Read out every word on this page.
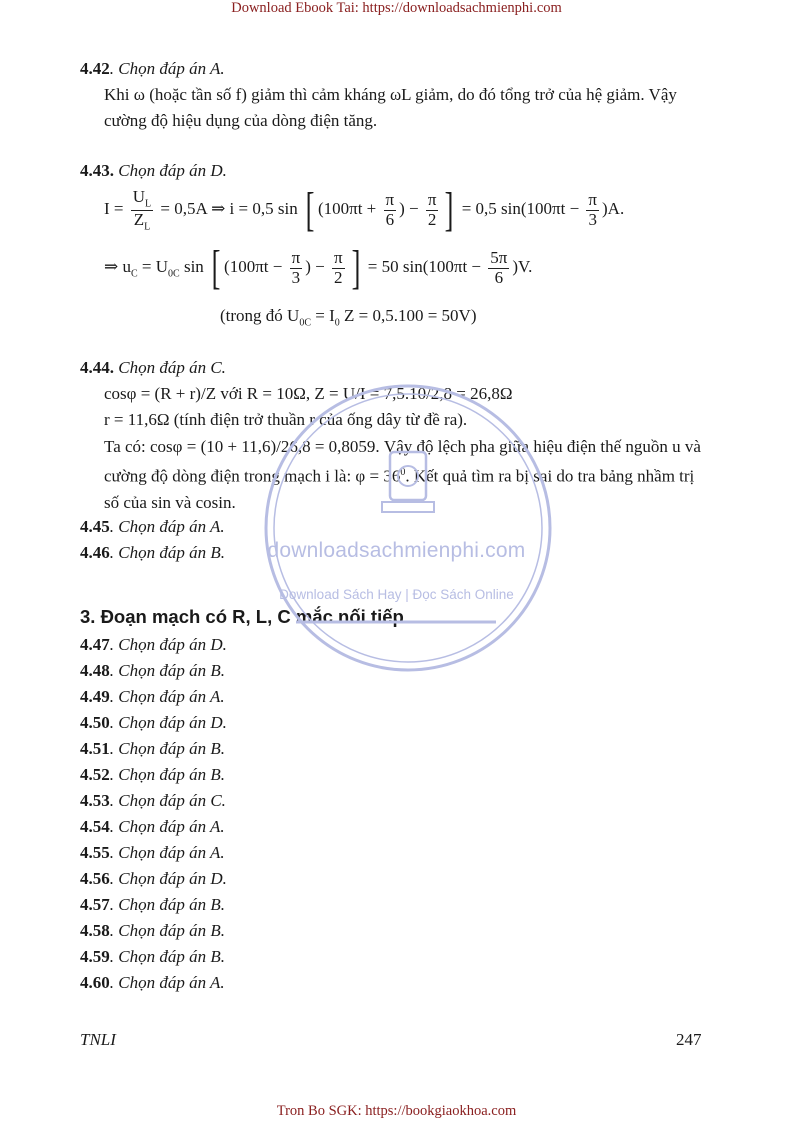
Download Ebook Tai: https://downloadsachmienphi.com
4.42. Chọn đáp án A.
Khi ω (hoặc tần số f) giảm thì cảm kháng ωL giảm, do đó tổng trở của hệ giảm. Vậy cường độ hiệu dụng của dòng điện tăng.
4.43. Chọn đáp án D.
$I = \frac{U_L}{Z_L} = 0,5A$ ⇒ i = 0,5 sin [ ($100\pi t + \frac{\pi}{6}$ ) − $\frac{\pi}{2}$ ] = 0,5 $\sin(100\pi t - \frac{\pi}{3} )A$.
⇒ $u_C = U_{0C}$ sin [ ($100\pi t - \frac{\pi}{3}$ ) − $\frac{\pi}{2}$ ] = 50 $\sin(100\pi t - \frac{5\pi}{6} )V$.
(trong đó $U_{0C} = I_0$ Z = 0,5.100 = 50V)
4.44. Chọn đáp án C.
cosφ = (R + r)/Z với R = 10Ω, Z = U/I = 7,5.10/2,8 = 26,8Ω
r = 11,6Ω (tính điện trở thuần r của ống dây từ đề ra).
Ta có: cosφ = (10 + 11,6)/26,8 = 0,8059. Vậy độ lệch pha giữa hiệu điện thế nguồn u và cường độ dòng điện trong mạch i là: $\varphi = 36^0$. Kết quả tìm ra bị sai do tra bảng nhầm trị số của sin và cosin.
4.45. Chọn đáp án A.
4.46. Chọn đáp án B.
3. Đoạn mạch có R, L, C mắc nối tiếp
4.47. Chọn đáp án D.
4.48. Chọn đáp án B.
4.49. Chọn đáp án A.
4.50. Chọn đáp án D.
4.51. Chọn đáp án B.
4.52. Chọn đáp án B.
4.53. Chọn đáp án C.
4.54. Chọn đáp án A.
4.55. Chọn đáp án A.
4.56. Chọn đáp án D.
4.57. Chọn đáp án B.
4.58. Chọn đáp án B.
4.59. Chọn đáp án B.
4.60. Chọn đáp án A.
downloadsachmienphi.com
Download Sách Hay | Đọc Sách Online
TNLI	247
Tron Bo SGK: https://bookgiaokhoa.com
